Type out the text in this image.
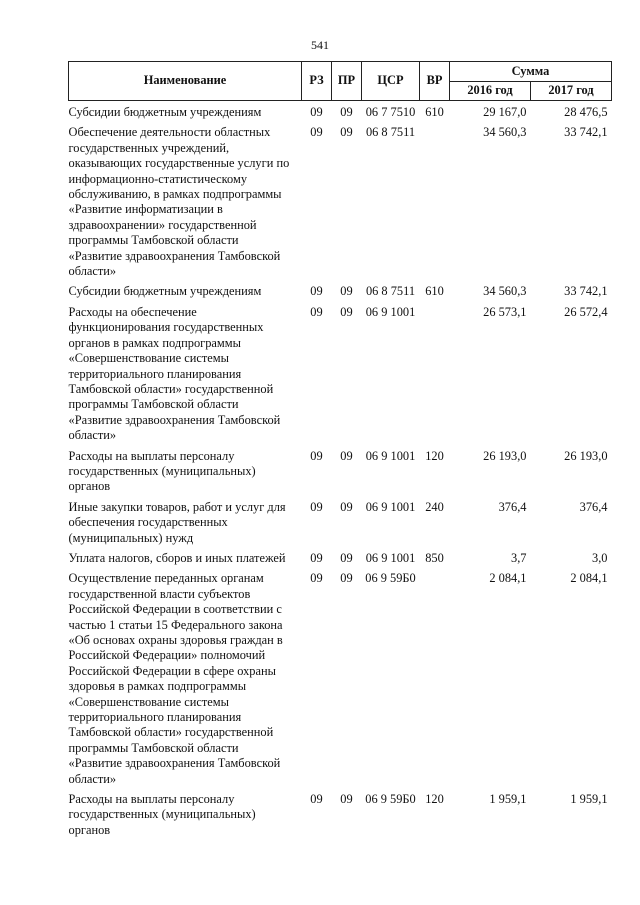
541
Наименование	РЗ	ПР	ЦСР	ВР	Сумма	
					2016 год	2017 год
Субсидии бюджетным учреждениям	09	09	06 7 7510	610	29 167,0	28 476,5
Обеспечение деятельности областных государственных учреждений, оказывающих государственные услуги по информационно-статистическому обслуживанию, в рамках подпрограммы «Развитие информатизации в здравоохранении» государственной программы Тамбовской области «Развитие здравоохранения Тамбовской области»	09	09	06 8 7511		34 560,3	33 742,1
Субсидии бюджетным учреждениям	09	09	06 8 7511	610	34 560,3	33 742,1
Расходы на обеспечение функционирования государственных органов в рамках подпрограммы «Совершенствование системы территориального планирования Тамбовской области» государственной программы Тамбовской области «Развитие здравоохранения Тамбовской области»	09	09	06 9 1001		26 573,1	26 572,4
Расходы на выплаты персоналу государственных (муниципальных) органов	09	09	06 9 1001	120	26 193,0	26 193,0
Иные закупки товаров, работ и услуг для обеспечения государственных (муниципальных) нужд	09	09	06 9 1001	240	376,4	376,4
Уплата налогов, сборов и иных платежей	09	09	06 9 1001	850	3,7	3,0
Осуществление переданных органам государственной власти субъектов Российской Федерации в соответствии с частью 1 статьи 15 Федерального закона «Об основах охраны здоровья граждан в Российской Федерации» полномочий Российской Федерации в сфере охраны здоровья в рамках подпрограммы «Совершенствование системы территориального планирования Тамбовской области» государственной программы Тамбовской области «Развитие здравоохранения Тамбовской области»	09	09	06 9 59Б0		2 084,1	2 084,1
Расходы на выплаты персоналу государственных (муниципальных) органов	09	09	06 9 59Б0	120	1 959,1	1 959,1
